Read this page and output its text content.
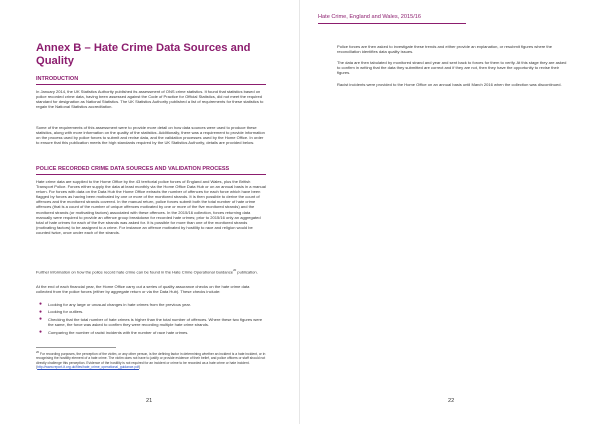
Annex B – Hate Crime Data Sources and Quality
INTRODUCTION

In January 2014, the UK Statistics Authority published its assessment of ONS crime statistics. It found that statistics based on police recorded crime data, having been assessed against the Code of Practice for Official Statistics, did not meet the required standard for designation as National Statistics. The UK Statistics Authority published a list of requirements for these statistics to regain the National Statistics accreditation.

Some of the requirements of this assessment were to provide more detail on how data sources were used to produce these statistics, along with more information on the quality of the statistics. Additionally, there was a requirement to provide information on the process used by police forces to submit and revise data, and the validation processes used by the Home Office. In order to ensure that this publication meets the high standards required by the UK Statistics Authority, details are provided below.

POLICE RECORDED CRIME DATA SOURCES AND VALIDATION PROCESS

Hate crime data are supplied to the Home Office by the 43 territorial police forces of England and Wales, plus the British Transport Police. Forces either supply the data at least monthly via the Home Office Data Hub or on an annual basis in a manual return. For forces with data on the Data Hub the Home Office extracts the number of offences for each force which have been flagged by forces as having been motivated by one or more of the monitored strands. It is then possible to derive the count of offences and the monitored strands covered. In the manual return, police forces submit both the total number of hate crime offences (that is a count of the number of unique offences motivated by one or more of the five monitored strands) and the monitored strands (or motivating factors) associated with these offences. In the 2015/16 collection, forces returning data manually were required to provide an offence group breakdown for recorded hate crimes; prior to 2015/16 only an aggregated total of hate crimes for each of the five strands was asked for. It is possible for more than one of the monitored strands (motivating factors) to be assigned to a crime. For instance an offence motivated by hostility to race and religion would be counted twice, once under each of the strands.

Further information on how the police record hate crime can be found in the Hate Crime Operational Guidance$^{20}$ publication.

At the end of each financial year, the Home Office carry out a series of quality assurance checks on the hate crime data collected from the police forces (either by aggregate return or via the Data Hub). These checks include:

● Looking for any large or unusual changes in hate crimes from the previous year.
● Looking for outliers.
● Checking that the total number of hate crimes is higher than the total number of offences. Where these two figures were the same, the force was asked to confirm they were recording multiple hate crime strands.
● Comparing the number of racist incidents with the number of race hate crimes.

$^{20}$ For recording purposes, the perception of the victim, or any other person, is the defining factor in determining whether an incident is a hate incident, or in recognising the hostility element of a hate crime. The victim does not have to justify or provide evidence of their belief, and police officers or staff should not directly challenge this perception. Evidence of the hostility is not required for an incident or crime to be recorded as a hate crime or hate incident. (http://www.report-it.org.uk/files/hate_crime_operational_guidance.pdf)

21
Hate Crime, England and Wales, 2015/16

Police forces are then asked to investigate these trends and either provide an explanation, or resubmit figures where the reconciliation identifies data quality issues.

The data are then tabulated by monitored strand and year and sent back to forces for them to verify. At this stage they are asked to confirm in writing that the data they submitted are correct and if they are not, then they have the opportunity to revise their figures.

Racist incidents were provided to the Home Office on an annual basis until March 2016 when the collection was discontinued.

22
